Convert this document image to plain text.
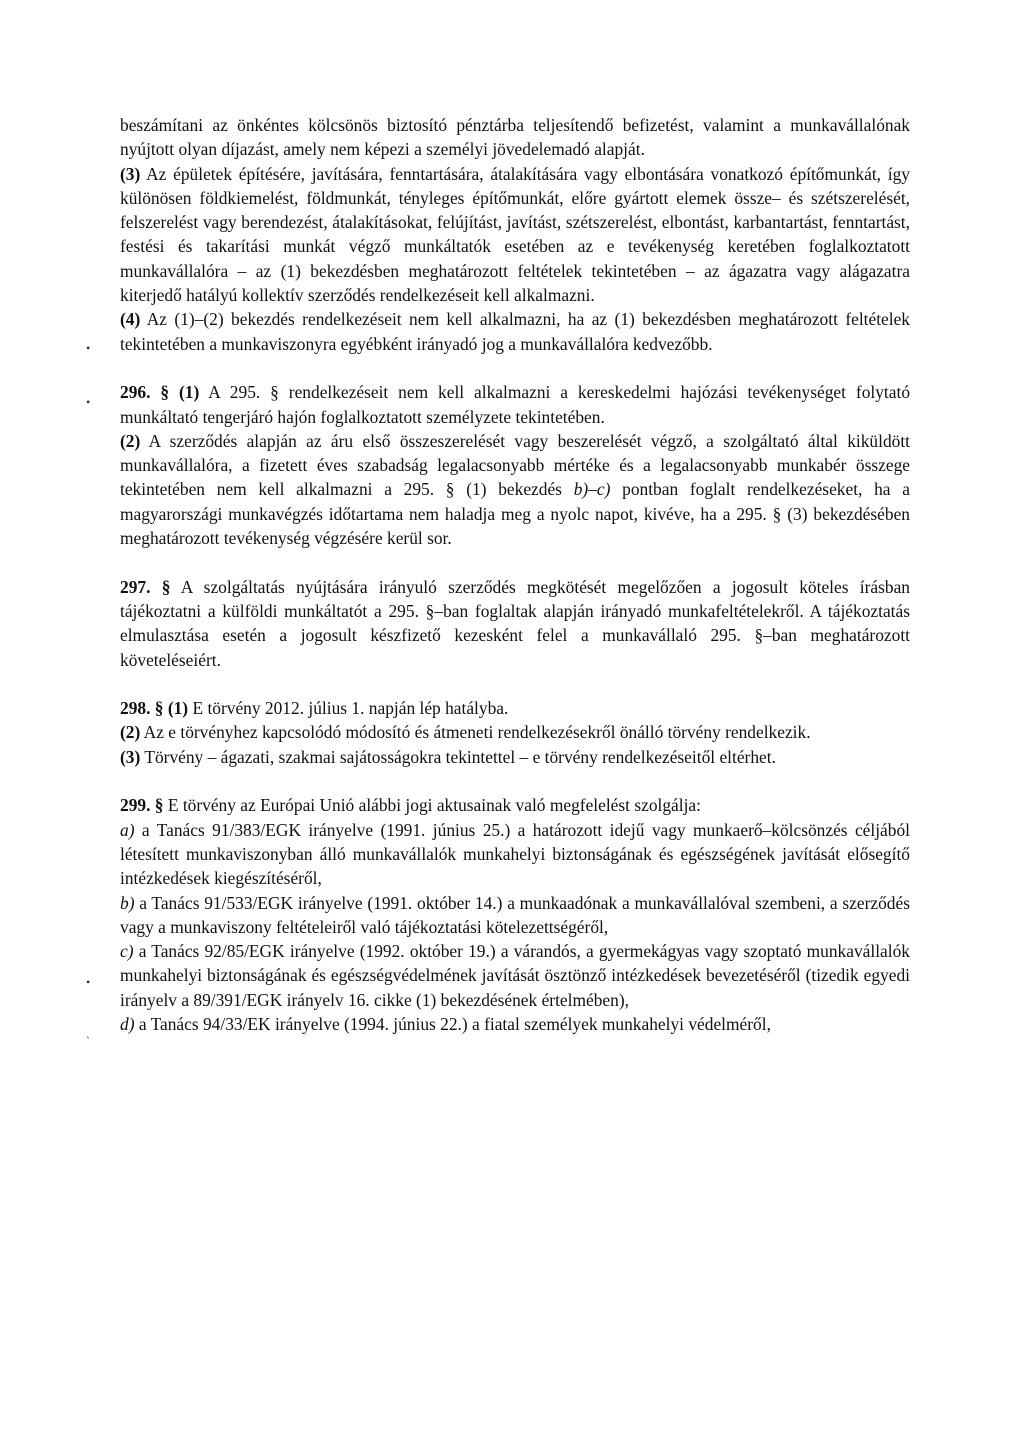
•
•
•
`

beszámítani az önkéntes kölcsönös biztosító pénztárba teljesítendő befizetést, valamint a munkavállalónak nyújtott olyan díjazást, amely nem képezi a személyi jövedelemadó alapját.

(3) Az épületek építésére, javítására, fenntartására, átalakítására vagy elbontására vonatkozó építőmunkát, így különösen földkiemelést, földmunkát, tényleges építőmunkát, előre gyártott elemek össze– és szétszerelését, felszerelést vagy berendezést, átalakításokat, felújítást, javítást, szétszerelést, elbontást, karbantartást, fenntartást, festési és takarítási munkát végző munkáltatók esetében az e tevékenység keretében foglalkoztatott munkavállalóra – az (1) bekezdésben meghatározott feltételek tekintetében – az ágazatra vagy alágazatra kiterjedő hatályú kollektív szerződés rendelkezéseit kell alkalmazni.

(4) Az (1)–(2) bekezdés rendelkezéseit nem kell alkalmazni, ha az (1) bekezdésben meghatározott feltételek tekintetében a munkaviszonyra egyébként irányadó jog a munkavállalóra kedvezőbb.

296. § (1) A 295. § rendelkezéseit nem kell alkalmazni a kereskedelmi hajózási tevékenységet folytató munkáltató tengerjáró hajón foglalkoztatott személyzete tekintetében.

(2) A szerződés alapján az áru első összeszerelését vagy beszerelését végző, a szolgáltató által kiküldött munkavállalóra, a fizetett éves szabadság legalacsonyabb mértéke és a legalacsonyabb munkabér összege tekintetében nem kell alkalmazni a 295. § (1) bekezdés b)–c) pontban foglalt rendelkezéseket, ha a magyarországi munkavégzés időtartama nem haladja meg a nyolc napot, kivéve, ha a 295. § (3) bekezdésében meghatározott tevékenység végzésére kerül sor.

297. § A szolgáltatás nyújtására irányuló szerződés megkötését megelőzően a jogosult köteles írásban tájékoztatni a külföldi munkáltatót a 295. §–ban foglaltak alapján irányadó munkafeltételekről. A tájékoztatás elmulasztása esetén a jogosult készfizető kezesként felel a munkavállaló 295. §–ban meghatározott követeléseiért.

298. § (1) E törvény 2012. július 1. napján lép hatályba.

(2) Az e törvényhez kapcsolódó módosító és átmeneti rendelkezésekről önálló törvény rendelkezik.

(3) Törvény – ágazati, szakmai sajátosságokra tekintettel – e törvény rendelkezéseitől eltérhet.

299. § E törvény az Európai Unió alábbi jogi aktusainak való megfelelést szolgálja:

a) a Tanács 91/383/EGK irányelve (1991. június 25.) a határozott idejű vagy munkaerő–kölcsönzés céljából létesített munkaviszonyban álló munkavállalók munkahelyi biztonságának és egészségének javítását elősegítő intézkedések kiegészítéséről,

b) a Tanács 91/533/EGK irányelve (1991. október 14.) a munkaadónak a munkavállalóval szembeni, a szerződés vagy a munkaviszony feltételeiről való tájékoztatási kötelezettségéről,

c) a Tanács 92/85/EGK irányelve (1992. október 19.) a várandós, a gyermekágyas vagy szoptató munkavállalók munkahelyi biztonságának és egészségvédelmének javítását ösztönző intézkedések bevezetéséről (tizedik egyedi irányelv a 89/391/EGK irányelv 16. cikke (1) bekezdésének értelmében),

d) a Tanács 94/33/EK irányelve (1994. június 22.) a fiatal személyek munkahelyi védelméről,
